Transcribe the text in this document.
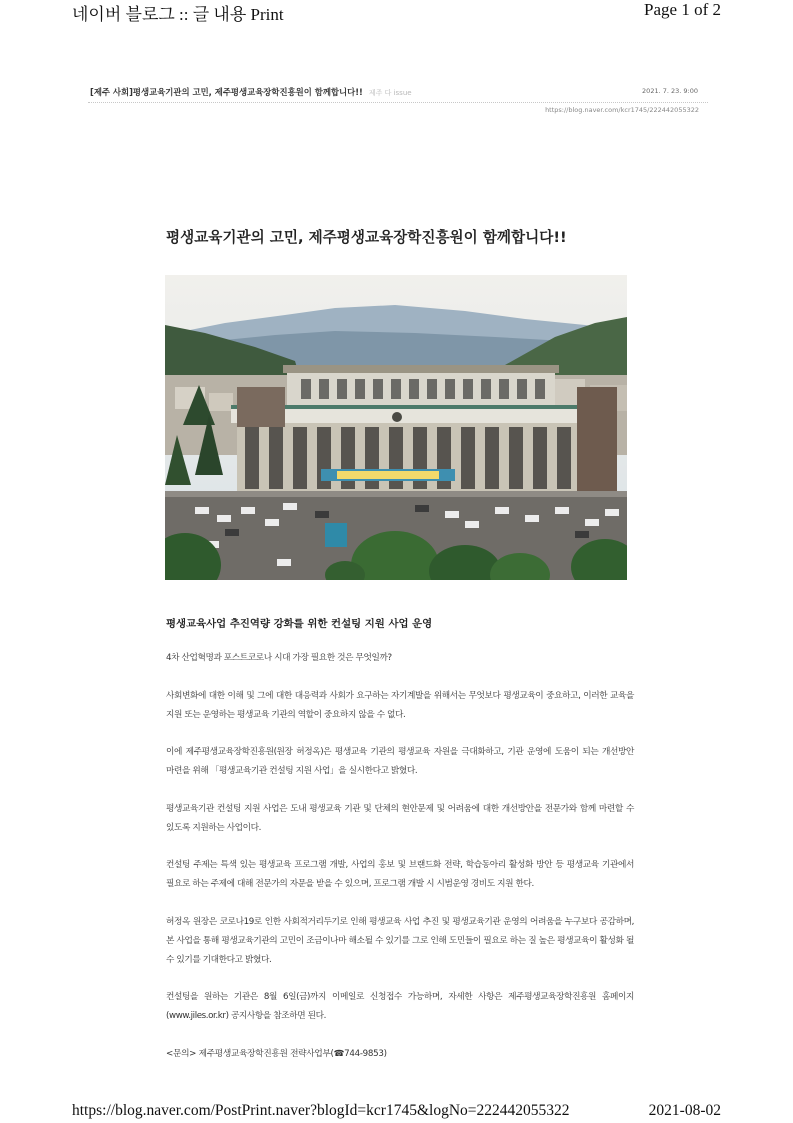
네이버 블로그 :: 글 내용 Print	Page 1 of 2
[제주 사회]평생교육기관의 고민, 제주평생교육장학진흥원이 함께합니다!! 제주 다 issue	2021. 7. 23. 9:00
https://blog.naver.com/kcr1745/222442055322
평생교육기관의 고민, 제주평생교육장학진흥원이 함께합니다!!
평생교육사업 추진역량 강화를 위한 컨설팅 지원 사업 운영

4차 산업혁명과 포스트코로나 시대 가장 필요한 것은 무엇일까?

사회변화에 대한 이해 및 그에 대한 대응력과 사회가 요구하는 자기계발을 위해서는 무엇보다 평생교육이 중요하고, 이러한 교육을 지원 또는 운영하는 평생교육 기관의 역할이 중요하지 않을 수 없다.

이에 제주평생교육장학진흥원(원장 허정옥)은 평생교육 기관의 평생교육 자원을 극대화하고, 기관 운영에 도움이 되는 개선방안 마련을 위해 「평생교육기관 컨설팅 지원 사업」을 실시한다고 밝혔다.

평생교육기관 컨설팅 지원 사업은 도내 평생교육 기관 및 단체의 현안문제 및 어려움에 대한 개선방안을 전문가와 함께 마련할 수 있도록 지원하는 사업이다.

컨설팅 주제는 특색 있는 평생교육 프로그램 개발, 사업의 홍보 및 브랜드화 전략, 학습동아리 활성화 방안 등 평생교육 기관에서 필요로 하는 주제에 대해 전문가의 자문을 받을 수 있으며, 프로그램 개발 시 시범운영 경비도 지원 한다.

허정옥 원장은 코로나19로 인한 사회적거리두기로 인해 평생교육 사업 추진 및 평생교육기관 운영의 어려움을 누구보다 공감하며, 본 사업을 통해 평생교육기관의 고민이 조금이나마 해소될 수 있기를 그로 인해 도민들이 필요로 하는 질 높은 평생교육이 활성화 될 수 있기를 기대한다고 밝혔다.

컨설팅을 원하는 기관은 8월 6일(금)까지 이메일로 신청접수 가능하며, 자세한 사항은 제주평생교육장학진흥원 홈페이지(www.jiles.or.kr) 공지사항을 참조하면 된다.

<문의> 제주평생교육장학진흥원 전략사업부(☎744-9853)
https://blog.naver.com/PostPrint.naver?blogId=kcr1745&logNo=222442055322	2021-08-02
